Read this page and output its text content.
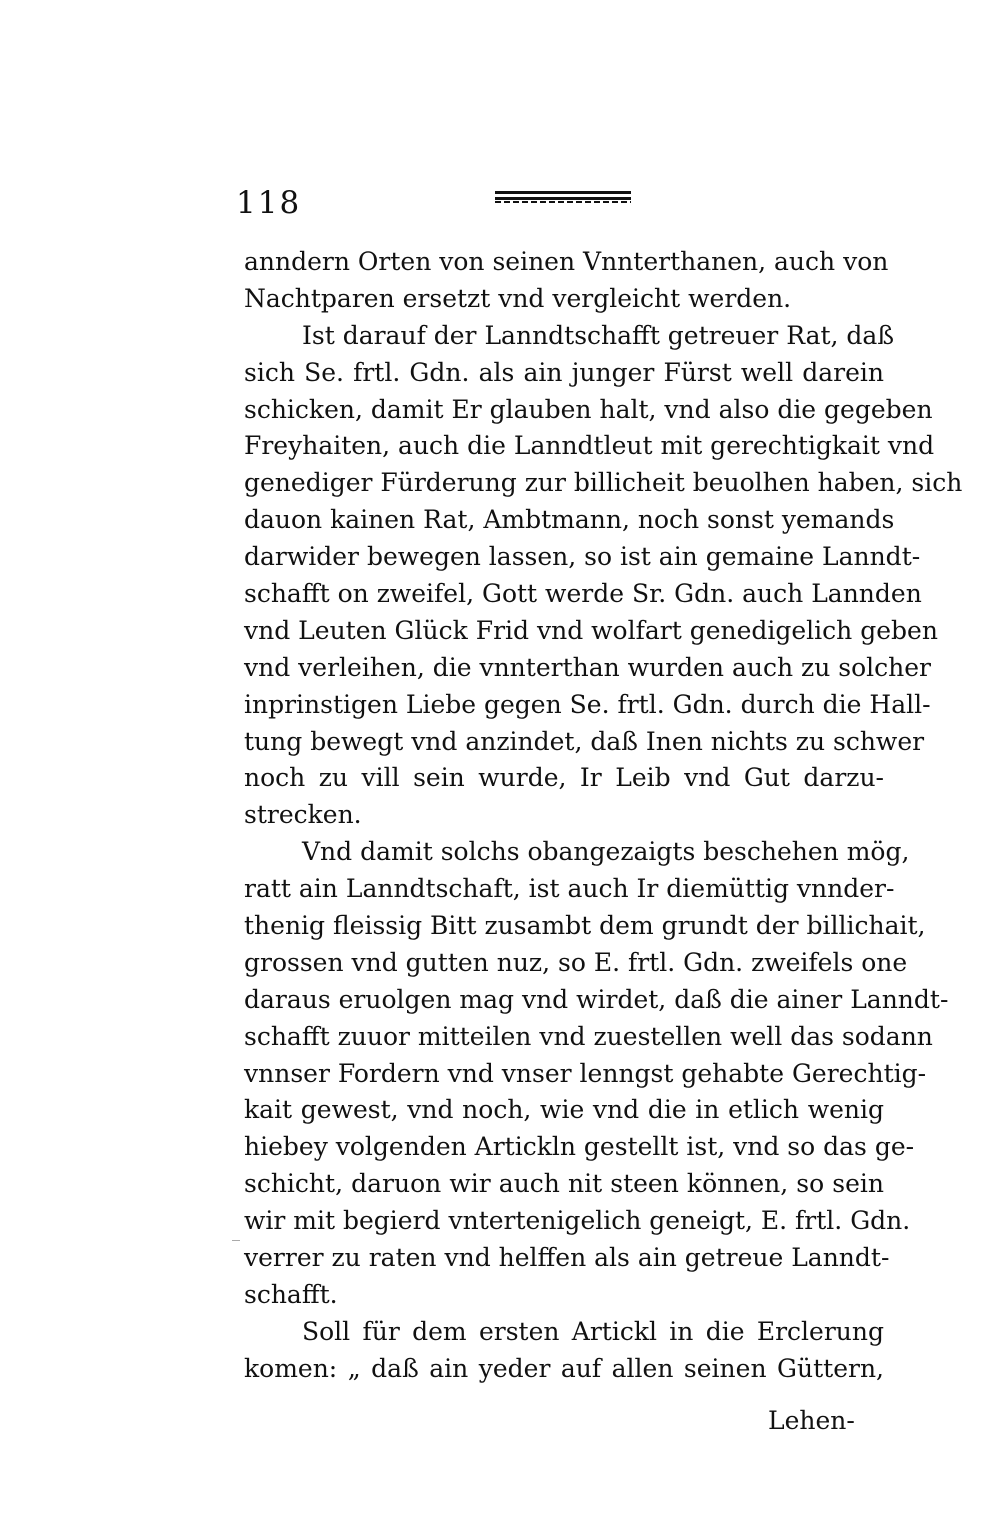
118
anndern Orten von seinen Vnnterthanen, auch von
Nachtparen ersetzt vnd vergleicht werden.
Ist darauf der Lanndtschafft getreuer Rat, daß
sich Se. frtl. Gdn. als ain junger Fürst well darein
schicken, damit Er glauben halt, vnd also die gegeben
Freyhaiten, auch die Lanndtleut mit gerechtigkait vnd
genediger Fürderung zur billicheit beuolhen haben, sich
dauon kainen Rat, Ambtmann, noch sonst yemands
darwider bewegen lassen, so ist ain gemaine Lanndt-
schafft on zweifel, Gott werde Sr. Gdn. auch Lannden
vnd Leuten Glück Frid vnd wolfart genedigelich geben
vnd verleihen, die vnnterthan wurden auch zu solcher
inprinstigen Liebe gegen Se. frtl. Gdn. durch die Hall-
tung bewegt vnd anzindet, daß Inen nichts zu schwer
noch zu vill sein wurde, Ir Leib vnd Gut darzu-
strecken.
Vnd damit solchs obangezaigts beschehen mög,
ratt ain Lanndtschaft, ist auch Ir diemüttig vnnder-
thenig fleissig Bitt zusambt dem grundt der billichait,
grossen vnd gutten nuz, so E. frtl. Gdn. zweifels one
daraus eruolgen mag vnd wirdet, daß die ainer Lanndt-
schafft zuuor mitteilen vnd zuestellen well das sodann
vnnser Fordern vnd vnser lenngst gehabte Gerechtig-
kait gewest, vnd noch, wie vnd die in etlich wenig
hiebey volgenden Artickln gestellt ist, vnd so das ge-
schicht, daruon wir auch nit steen können, so sein
wir mit begierd vntertenigelich geneigt, E. frtl. Gdn.
verrer zu raten vnd helffen als ain getreue Lanndt-
schafft.
Soll für dem ersten Artickl in die Erclerung
komen: „ daß ain yeder auf allen seinen Güttern,
Lehen-
